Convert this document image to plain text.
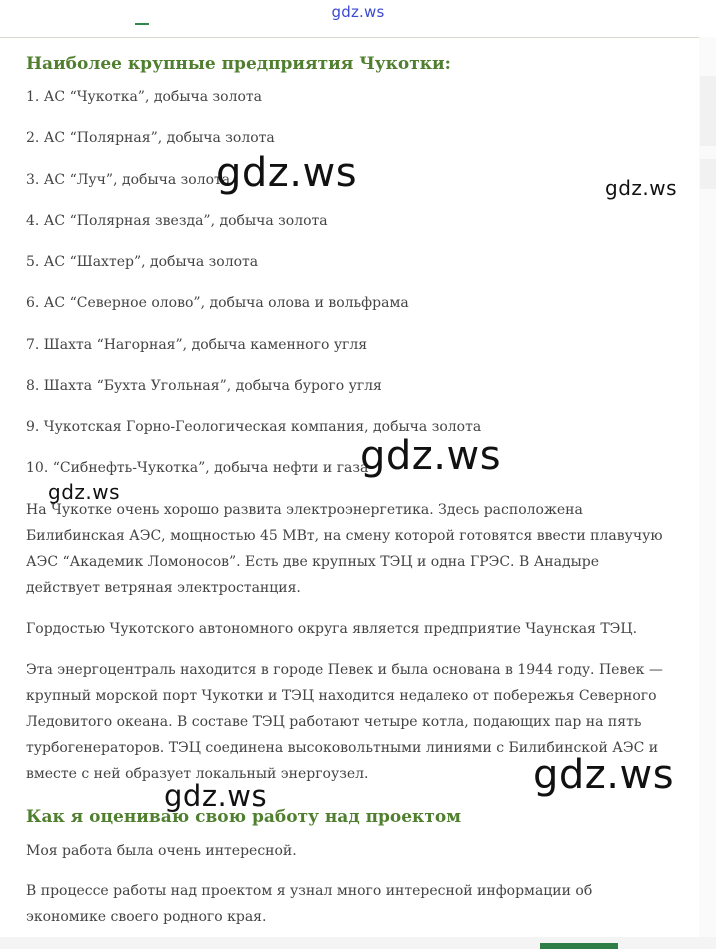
gdz.ws
Наиболее крупные предприятия Чукотки:
1. АС “Чукотка”, добыча золота
2. АС “Полярная”, добыча золота
3. АС “Луч”, добыча золота
4. АС “Полярная звезда”, добыча золота
5. АС “Шахтер”, добыча золота
6. АС “Северное олово”, добыча олова и вольфрама
7. Шахта “Нагорная”, добыча каменного угля
8. Шахта “Бухта Угольная”, добыча бурого угля
9. Чукотская Горно-Геологическая компания, добыча золота
10. “Сибнефть-Чукотка”, добыча нефти и газа
На Чукотке очень хорошо развита электроэнергетика. Здесь расположена Билибинская АЭС, мощностью 45 МВт, на смену которой готовятся ввести плавучую АЭС “Академик Ломоносов”. Есть две крупных ТЭЦ и одна ГРЭС. В Анадыре действует ветряная электростанция.
Гордостью Чукотского автономного округа является предприятие Чаунская ТЭЦ.
Эта энергоцентраль находится в городе Певек и была основана в 1944 году. Певек — крупный морской порт Чукотки и ТЭЦ находится недалеко от побережья Северного Ледовитого океана. В составе ТЭЦ работают четыре котла, подающих пар на пять турбогенераторов. ТЭЦ соединена высоковольтными линиями с Билибинской АЭС и вместе с ней образует локальный энергоузел.
Как я оцениваю свою работу над проектом
Моя работа была очень интересной.
В процессе работы над проектом я узнал много интересной информации об экономике своего родного края.
gdz.ws	gdz.ws
gdz.ws
gdz.ws
gdz.ws
gdz.ws
